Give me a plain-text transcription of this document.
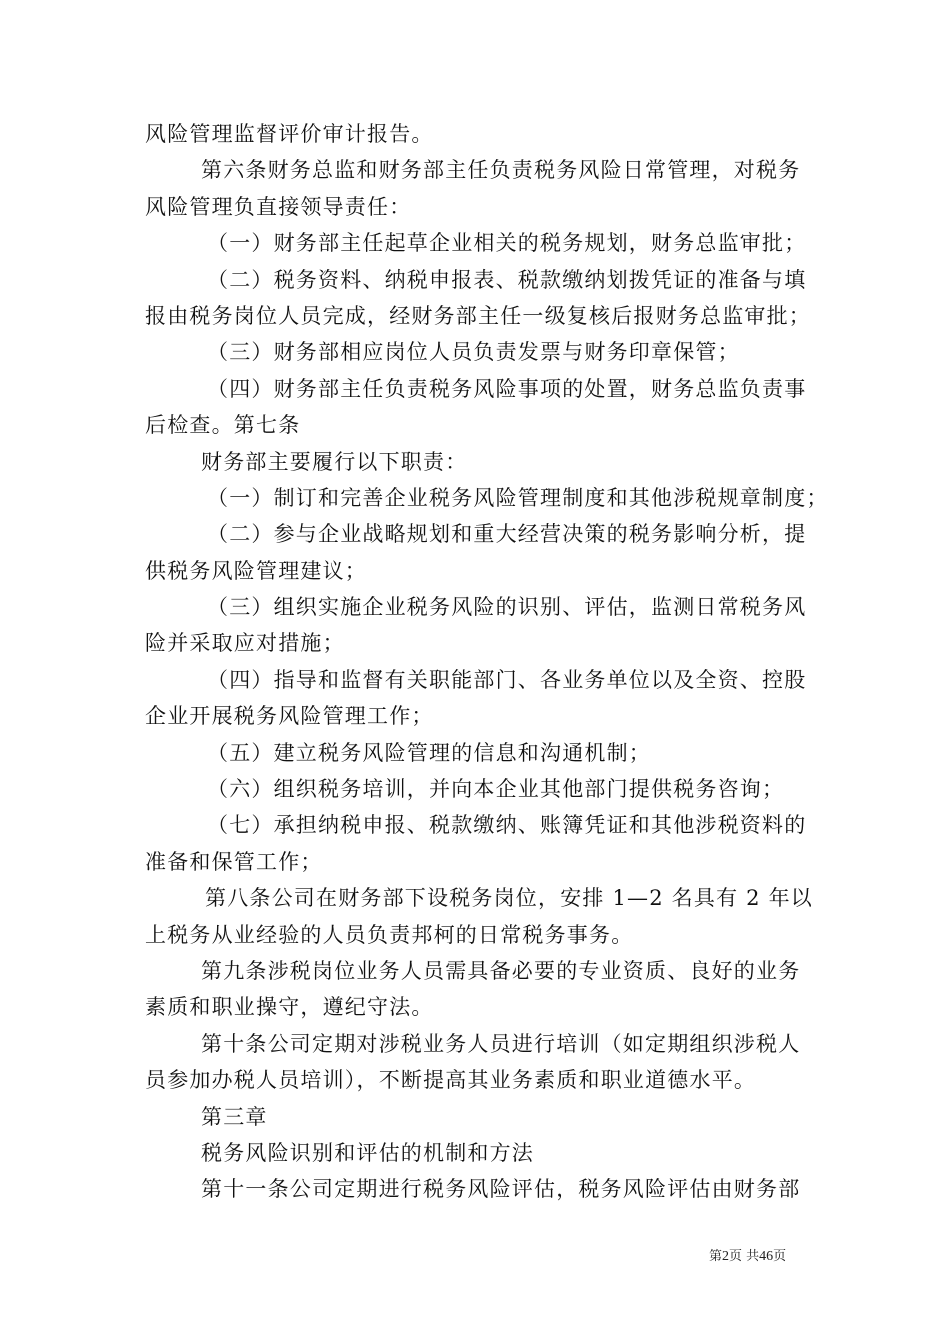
风险管理监督评价审计报告。
第六条财务总监和财务部主任负责税务风险日常管理，对税务
风险管理负直接领导责任：
（一）财务部主任起草企业相关的税务规划，财务总监审批；
（二）税务资料、纳税申报表、税款缴纳划拨凭证的准备与填
报由税务岗位人员完成，经财务部主任一级复核后报财务总监审批；
（三）财务部相应岗位人员负责发票与财务印章保管；
（四）财务部主任负责税务风险事项的处置，财务总监负责事
后检查。第七条
财务部主要履行以下职责：
（一）制订和完善企业税务风险管理制度和其他涉税规章制度；
（二）参与企业战略规划和重大经营决策的税务影响分析，提
供税务风险管理建议；
（三）组织实施企业税务风险的识别、评估，监测日常税务风
险并采取应对措施；
（四）指导和监督有关职能部门、各业务单位以及全资、控股
企业开展税务风险管理工作；
（五）建立税务风险管理的信息和沟通机制；
（六）组织税务培训，并向本企业其他部门提供税务咨询；
（七）承担纳税申报、税款缴纳、账簿凭证和其他涉税资料的
准备和保管工作；
第八条公司在财务部下设税务岗位，安排 1—2 名具有 2 年以
上税务从业经验的人员负责邦柯的日常税务事务。
第九条涉税岗位业务人员需具备必要的专业资质、良好的业务
素质和职业操守，遵纪守法。
第十条公司定期对涉税业务人员进行培训（如定期组织涉税人
员参加办税人员培训），不断提高其业务素质和职业道德水平。
第三章
税务风险识别和评估的机制和方法
第十一条公司定期进行税务风险评估，税务风险评估由财务部
第2页 共46页
